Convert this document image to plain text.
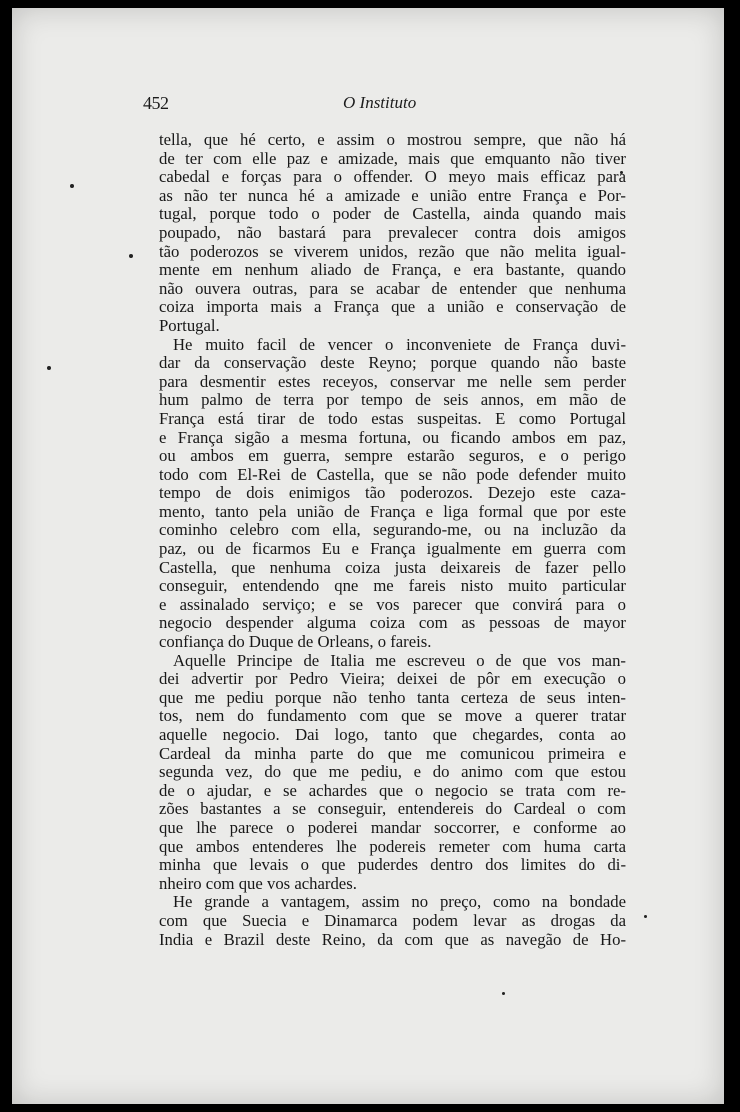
452	O Instituto
tella, que hé certo, e assim o mostrou sempre, que não há
de ter com elle paz e amizade, mais que emquanto não tiver
cabedal e forças para o offender. O meyo mais efficaz para
as não ter nunca hé a amizade e união entre França e Por-
tugal, porque todo o poder de Castella, ainda quando mais
poupado, não bastará para prevalecer contra dois amigos
tão poderozos se viverem unidos, rezão que não melita igual-
mente em nenhum aliado de França, e era bastante, quando
não ouvera outras, para se acabar de entender que nenhuma
coiza importa mais a França que a união e conservação de
Portugal.
He muito facil de vencer o inconveniete de França duvi-
dar da conservação deste Reyno; porque quando não baste
para desmentir estes receyos, conservar me nelle sem perder
hum palmo de terra por tempo de seis annos, em mão de
França está tirar de todo estas suspeitas. E como Portugal
e França sigão a mesma fortuna, ou ficando ambos em paz,
ou ambos em guerra, sempre estarão seguros, e o perigo
todo com El-Rei de Castella, que se não pode defender muito
tempo de dois enimigos tão poderozos. Dezejo este caza-
mento, tanto pela união de França e liga formal que por este
cominho celebro com ella, segurando-me, ou na incluzão da
paz, ou de ficarmos Eu e França igualmente em guerra com
Castella, que nenhuma coiza justa deixareis de fazer pello
conseguir, entendendo qne me fareis nisto muito particular
e assinalado serviço; e se vos parecer que convirá para o
negocio despender alguma coiza com as pessoas de mayor
confiança do Duque de Orleans, o fareis.
Aquelle Principe de Italia me escreveu o de que vos man-
dei advertir por Pedro Vieira; deixei de pôr em execução o
que me pediu porque não tenho tanta certeza de seus inten-
tos, nem do fundamento com que se move a querer tratar
aquelle negocio. Dai logo, tanto que chegardes, conta ao
Cardeal da minha parte do que me comunicou primeira e
segunda vez, do que me pediu, e do animo com que estou
de o ajudar, e se achardes que o negocio se trata com re-
zões bastantes a se conseguir, entendereis do Cardeal o com
que lhe parece o poderei mandar soccorrer, e conforme ao
que ambos entenderes lhe podereis remeter com huma carta
minha que levais o que puderdes dentro dos limites do di-
nheiro com que vos achardes.
He grande a vantagem, assim no preço, como na bondade
com que Suecia e Dinamarca podem levar as drogas da
India e Brazil deste Reino, da com que as navegão de Ho-
